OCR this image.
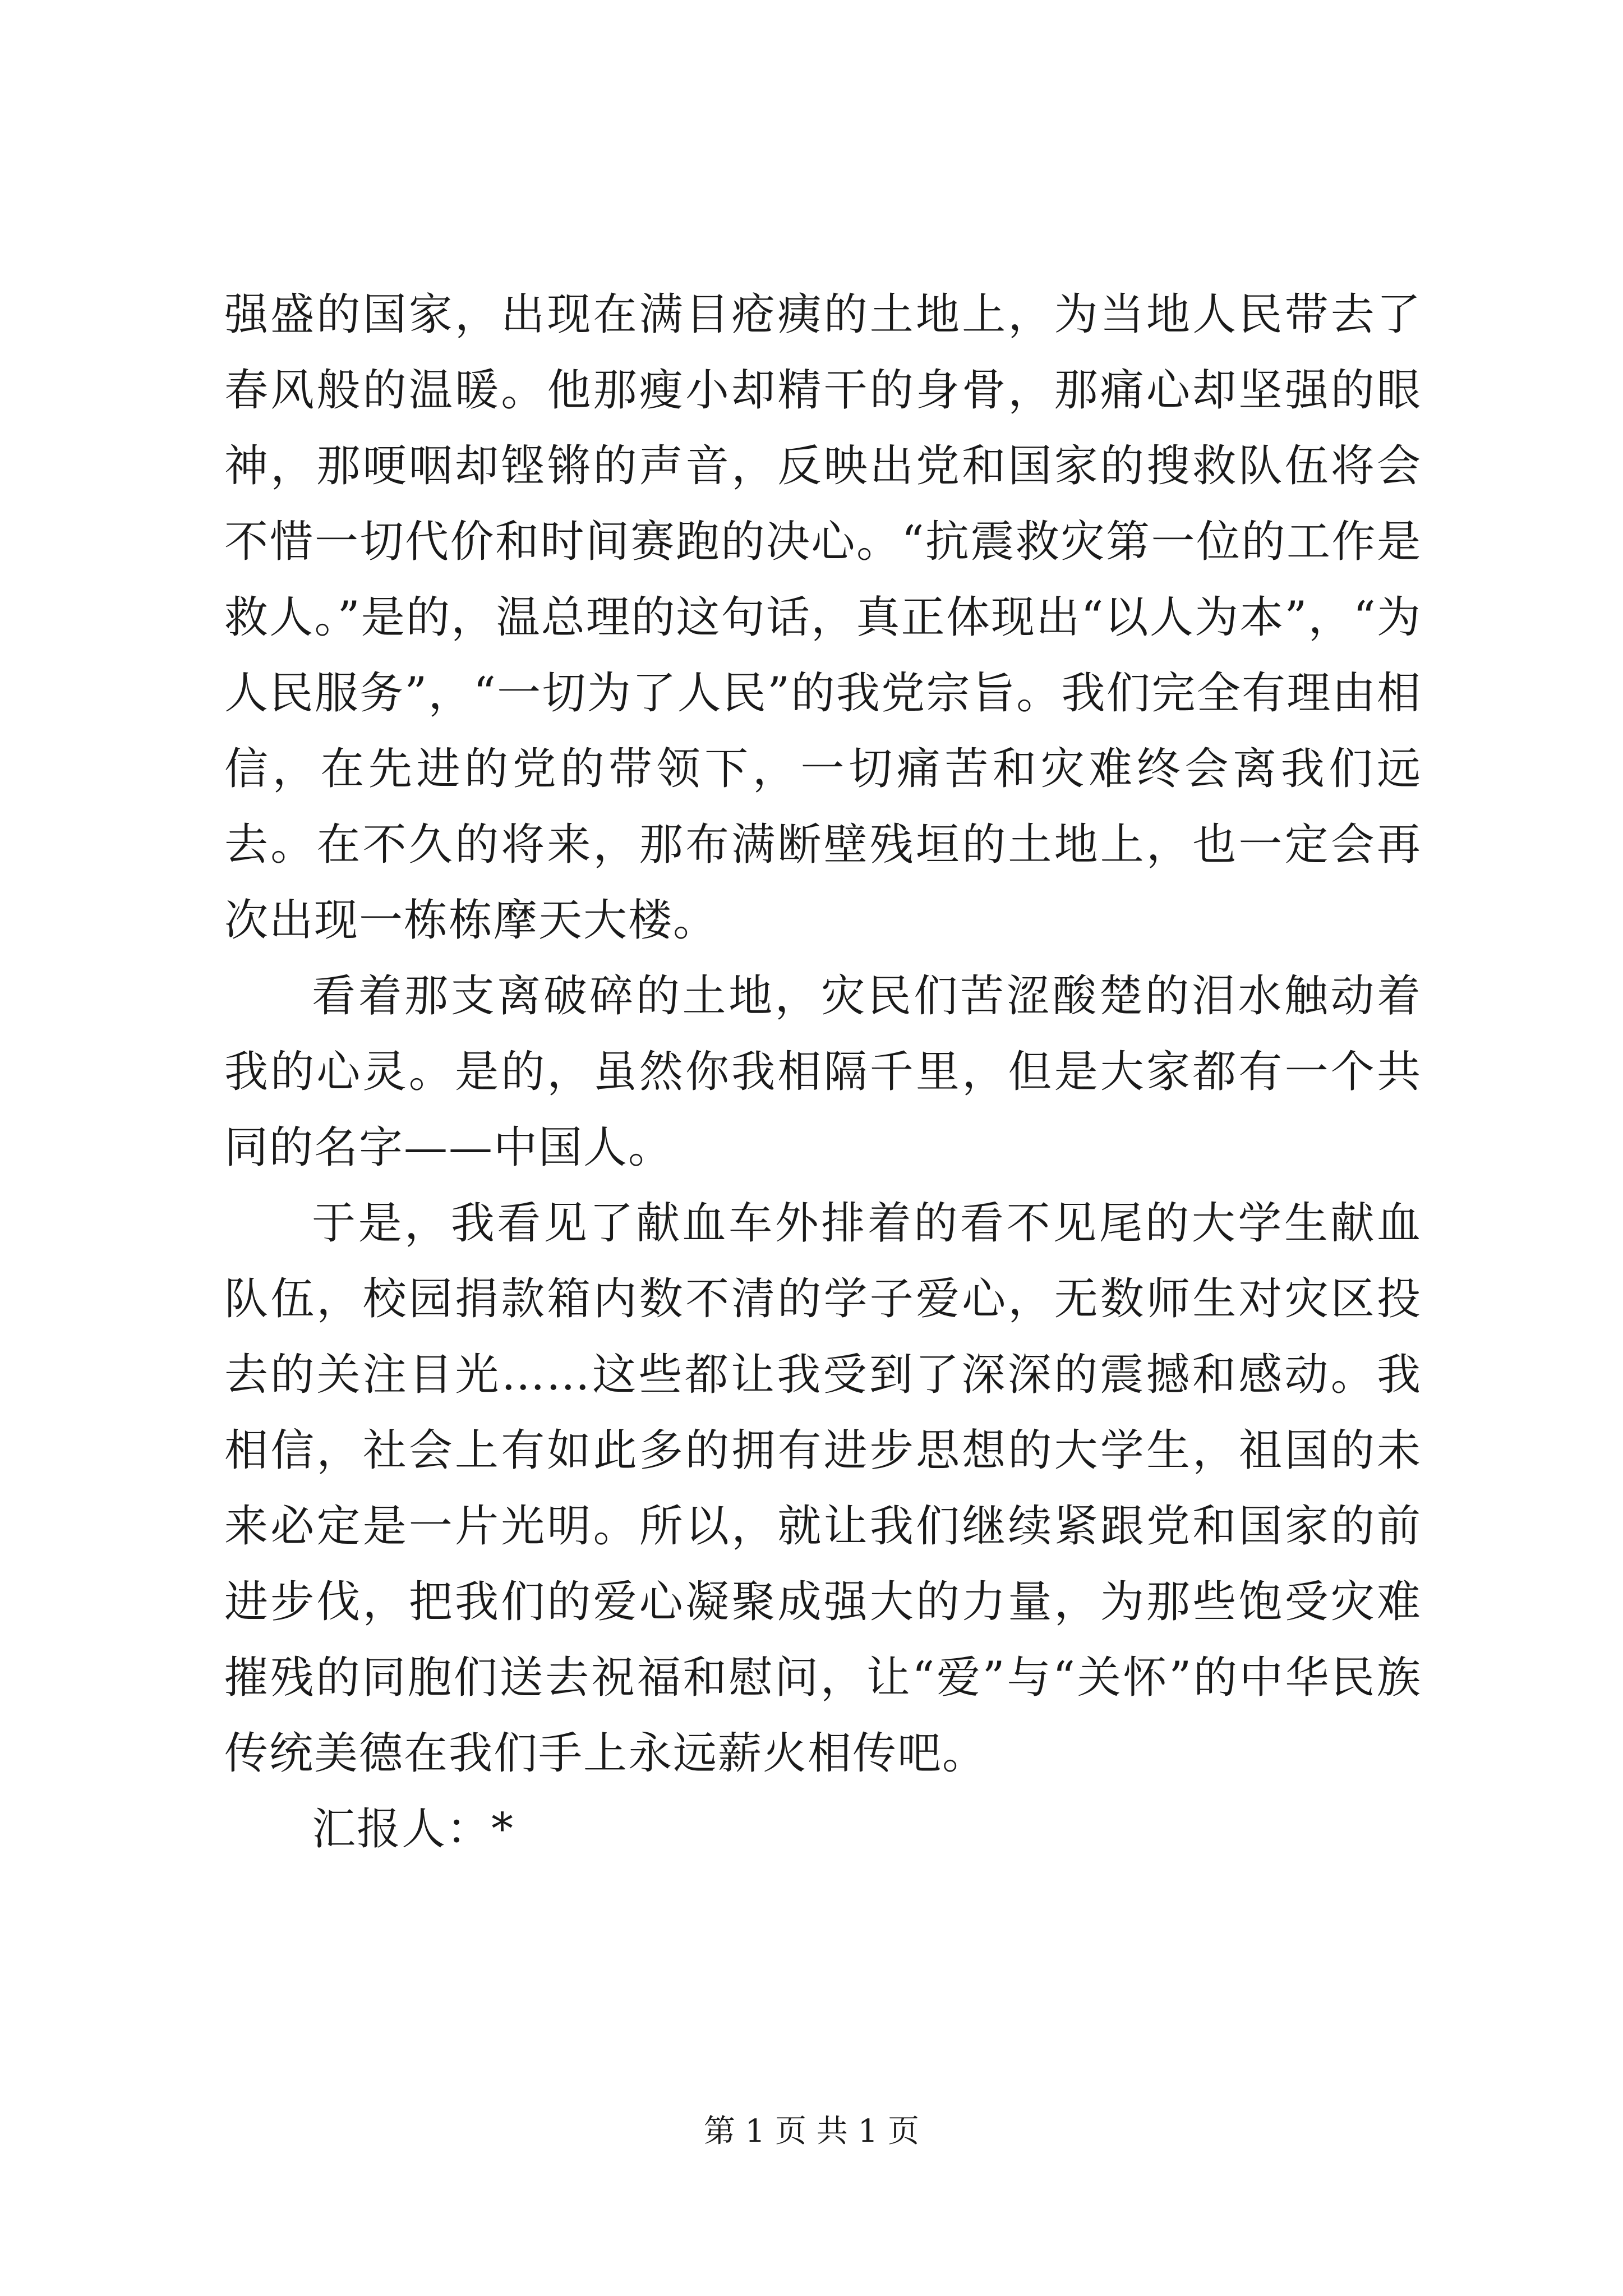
强盛的国家，出现在满目疮痍的土地上，为当地人民带去了春风般的温暖。他那瘦小却精干的身骨，那痛心却坚强的眼神，那哽咽却铿锵的声音，反映出党和国家的搜救队伍将会不惜一切代价和时间赛跑的决心。“抗震救灾第一位的工作是救人。”是的，温总理的这句话，真正体现出“以人为本”，“为人民服务”，“一切为了人民”的我党宗旨。我们完全有理由相信，在先进的党的带领下，一切痛苦和灾难终会离我们远去。在不久的将来，那布满断壁残垣的土地上，也一定会再次出现一栋栋摩天大楼。

看着那支离破碎的土地，灾民们苦涩酸楚的泪水触动着我的心灵。是的，虽然你我相隔千里，但是大家都有一个共同的名字——中国人。

于是，我看见了献血车外排着的看不见尾的大学生献血队伍，校园捐款箱内数不清的学子爱心，无数师生对灾区投去的关注目光……这些都让我受到了深深的震撼和感动。我相信，社会上有如此多的拥有进步思想的大学生，祖国的未来必定是一片光明。所以，就让我们继续紧跟党和国家的前进步伐，把我们的爱心凝聚成强大的力量，为那些饱受灾难摧残的同胞们送去祝福和慰问，让“爱”与“关怀”的中华民族传统美德在我们手上永远薪火相传吧。

汇报人：*

第 1 页 共 1 页
